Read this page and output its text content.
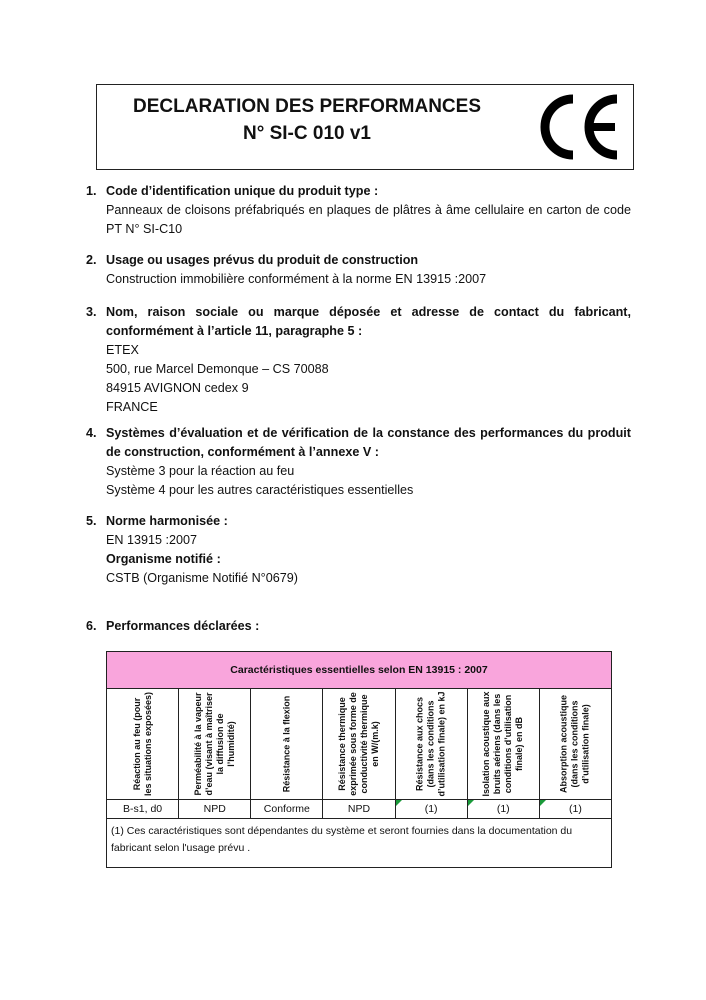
DECLARATION DES PERFORMANCES
N° SI-C 010 v1
1. Code d’identification unique du produit type :
Panneaux de cloisons préfabriqués en plaques de plâtres à âme cellulaire en carton de code PT N° SI-C10
2. Usage ou usages prévus du produit de construction
Construction immobilière conformément à la norme EN 13915 :2007
3. Nom, raison sociale ou marque déposée et adresse de contact du fabricant, conformément à l’article 11, paragraphe 5 :
ETEX
500, rue Marcel Demonque – CS 70088
84915 AVIGNON cedex 9
FRANCE
4. Systèmes d’évaluation et de vérification de la constance des performances du produit de construction, conformément à l’annexe V :
Système 3 pour la réaction au feu
Système 4 pour les autres caractéristiques essentielles
5. Norme harmonisée :
EN 13915 :2007
Organisme notifié :
CSTB (Organisme Notifié N°0679)
6. Performances déclarées :
Caractéristiques essentielles selon EN 13915 : 2007						

Réaction au feu (pour les situations exposées)	Perméabilité à la vapeur d’eau (visant à maîtriser la diffusion de l’humidité)	Résistance à la flexion	Résistance thermique exprimée sous forme de conductivité thermique en W/(m.k)	Résistance aux chocs (dans les conditions d’utilisation finale) en kJ	Isolation acoustique aux bruits aériens (dans les conditions d’utilisation finale) en dB	Absorption acoustique (dans les conditions d’utilisation finale)

B-s1, d0	NPD	Conforme	NPD	(1)	(1)	(1)
(1) Ces caractéristiques sont dépendantes du système et seront fournies dans la documentation du fabricant selon l'usage prévu .						
